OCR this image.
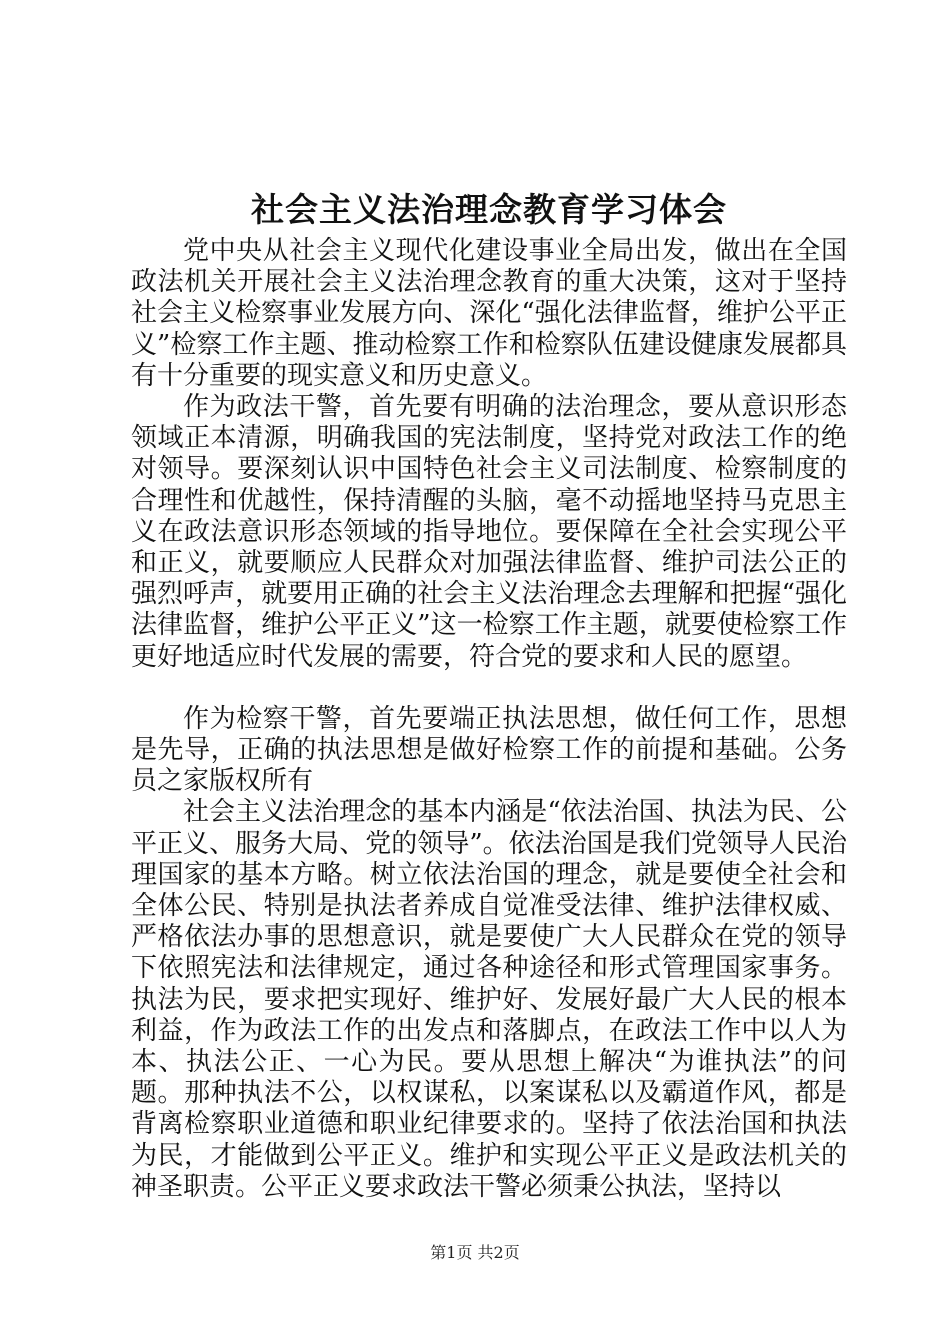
社会主义法治理念教育学习体会

党中央从社会主义现代化建设事业全局出发，做出在全国政法机关开展社会主义法治理念教育的重大决策，这对于坚持社会主义检察事业发展方向、深化“强化法律监督，维护公平正义”检察工作主题、推动检察工作和检察队伍建设健康发展都具有十分重要的现实意义和历史意义。

作为政法干警，首先要有明确的法治理念，要从意识形态领域正本清源，明确我国的宪法制度，坚持党对政法工作的绝对领导。要深刻认识中国特色社会主义司法制度、检察制度的合理性和优越性，保持清醒的头脑，毫不动摇地坚持马克思主义在政法意识形态领域的指导地位。要保障在全社会实现公平和正义，就要顺应人民群众对加强法律监督、维护司法公正的强烈呼声，就要用正确的社会主义法治理念去理解和把握“强化法律监督，维护公平正义”这一检察工作主题，就要使检察工作更好地适应时代发展的需要，符合党的要求和人民的愿望。

作为检察干警，首先要端正执法思想，做任何工作，思想是先导，正确的执法思想是做好检察工作的前提和基础。公务员之家版权所有

社会主义法治理念的基本内涵是“依法治国、执法为民、公平正义、服务大局、党的领导”。依法治国是我们党领导人民治理国家的基本方略。树立依法治国的理念，就是要使全社会和全体公民、特别是执法者养成自觉准受法律、维护法律权威、严格依法办事的思想意识，就是要使广大人民群众在党的领导下依照宪法和法律规定，通过各种途径和形式管理国家事务。执法为民，要求把实现好、维护好、发展好最广大人民的根本利益，作为政法工作的出发点和落脚点，在政法工作中以人为本、执法公正、一心为民。要从思想上解决“为谁执法”的问题。那种执法不公，以权谋私，以案谋私以及霸道作风，都是背离检察职业道德和职业纪律要求的。坚持了依法治国和执法为民，才能做到公平正义。维护和实现公平正义是政法机关的神圣职责。公平正义要求政法干警必须秉公执法，坚持以

第1页 共2页
